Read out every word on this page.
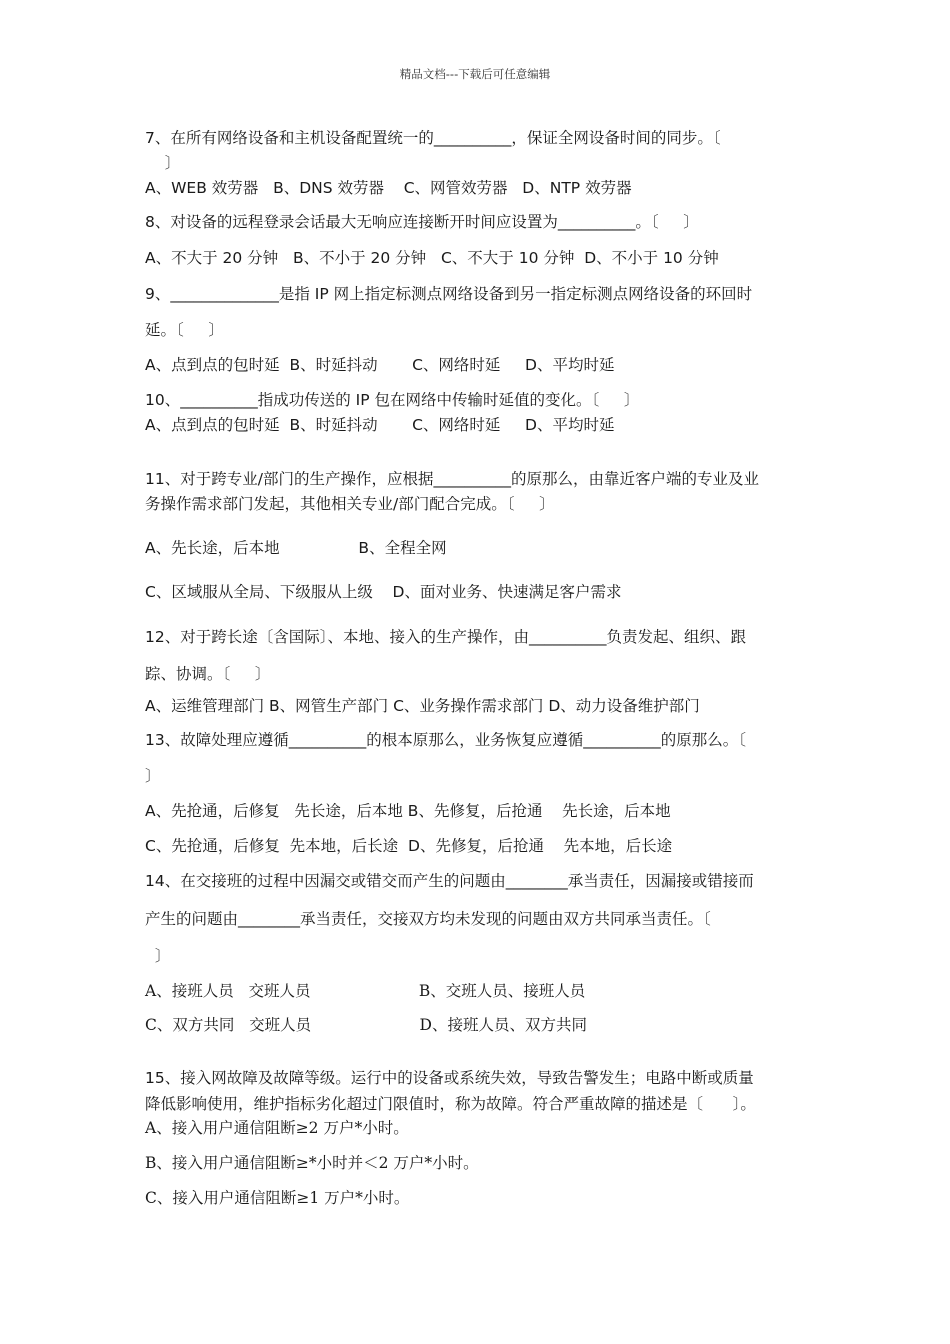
精品文档---下载后可任意编辑
7、在所有网络设备和主机设备配置统一的__________，保证全网设备时间的同步。〔
〕
A、WEB 效劳器   B、DNS 效劳器    C、网管效劳器   D、NTP 效劳器
8、对设备的远程登录会话最大无响应连接断开时间应设置为__________。〔     〕
A、不大于 20 分钟   B、不小于 20 分钟   C、不大于 10 分钟  D、不小于 10 分钟
9、______________是指 IP 网上指定标测点网络设备到另一指定标测点网络设备的环回时
延。〔     〕
A、点到点的包时延  B、时延抖动       C、网络时延     D、平均时延
10、__________指成功传送的 IP 包在网络中传输时延值的变化。〔     〕
A、点到点的包时延  B、时延抖动       C、网络时延     D、平均时延
11、对于跨专业/部门的生产操作，应根据__________的原那么，由靠近客户端的专业及业
务操作需求部门发起，其他相关专业/部门配合完成。〔     〕
A、先长途，后本地                B、全程全网
C、区域服从全局、下级服从上级    D、面对业务、快速满足客户需求
12、对于跨长途〔含国际〕、本地、接入的生产操作，由__________负责发起、组织、跟
踪、协调。〔     〕
A、运维管理部门 B、网管生产部门 C、业务操作需求部门 D、动力设备维护部门
13、故障处理应遵循__________的根本原那么，业务恢复应遵循__________的原那么。〔
〕
A、先抢通，后修复   先长途，后本地 B、先修复，后抢通    先长途，后本地
C、先抢通，后修复  先本地，后长途  D、先修复，后抢通    先本地，后长途
14、在交接班的过程中因漏交或错交而产生的问题由________承当责任，因漏接或错接而
产生的问题由________承当责任，交接双方均未发现的问题由双方共同承当责任。〔
〕
A、接班人员   交班人员                      B、交班人员、接班人员
C、双方共同   交班人员                      D、接班人员、双方共同
15、接入网故障及故障等级。运行中的设备或系统失效，导致告警发生；电路中断或质量
降低影响使用，维护指标劣化超过门限值时，称为故障。符合严重故障的描述是〔      〕。
A、接入用户通信阻断≥2 万户*小时。
B、接入用户通信阻断≥*小时并＜2 万户*小时。
C、接入用户通信阻断≥1 万户*小时。
